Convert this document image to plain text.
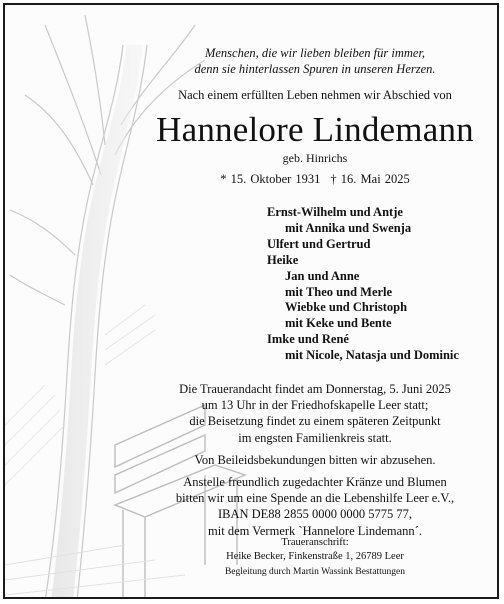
Menschen, die wir lieben bleiben für immer,
denn sie hinterlassen Spuren in unseren Herzen.
Nach einem erfüllten Leben nehmen wir Abschied von
Hannelore Lindemann
geb. Hinrichs
* 15. Oktober 1931 † 16. Mai 2025
Ernst-Wilhelm und Antje
mit Annika und Swenja
Ulfert und Gertrud
Heike
Jan und Anne
mit Theo und Merle
Wiebke und Christoph
mit Keke und Bente
Imke und René
mit Nicole, Natasja und Dominic
Die Trauerandacht findet am Donnerstag, 5. Juni 2025
um 13 Uhr in der Friedhofskapelle Leer statt;
die Beisetzung findet zu einem späteren Zeitpunkt
im engsten Familienkreis statt.
Von Beileidsbekundungen bitten wir abzusehen.
Anstelle freundlich zugedachter Kränze und Blumen
bitten wir um eine Spende an die Lebenshilfe Leer e.V.,
IBAN DE88 2855 0000 0000 5775 77,
mit dem Vermerk `Hannelore Lindemann´.
Traueranschrift:
Heike Becker, Finkenstraße 1, 26789 Leer
Begleitung durch Martin Wassink Bestattungen
